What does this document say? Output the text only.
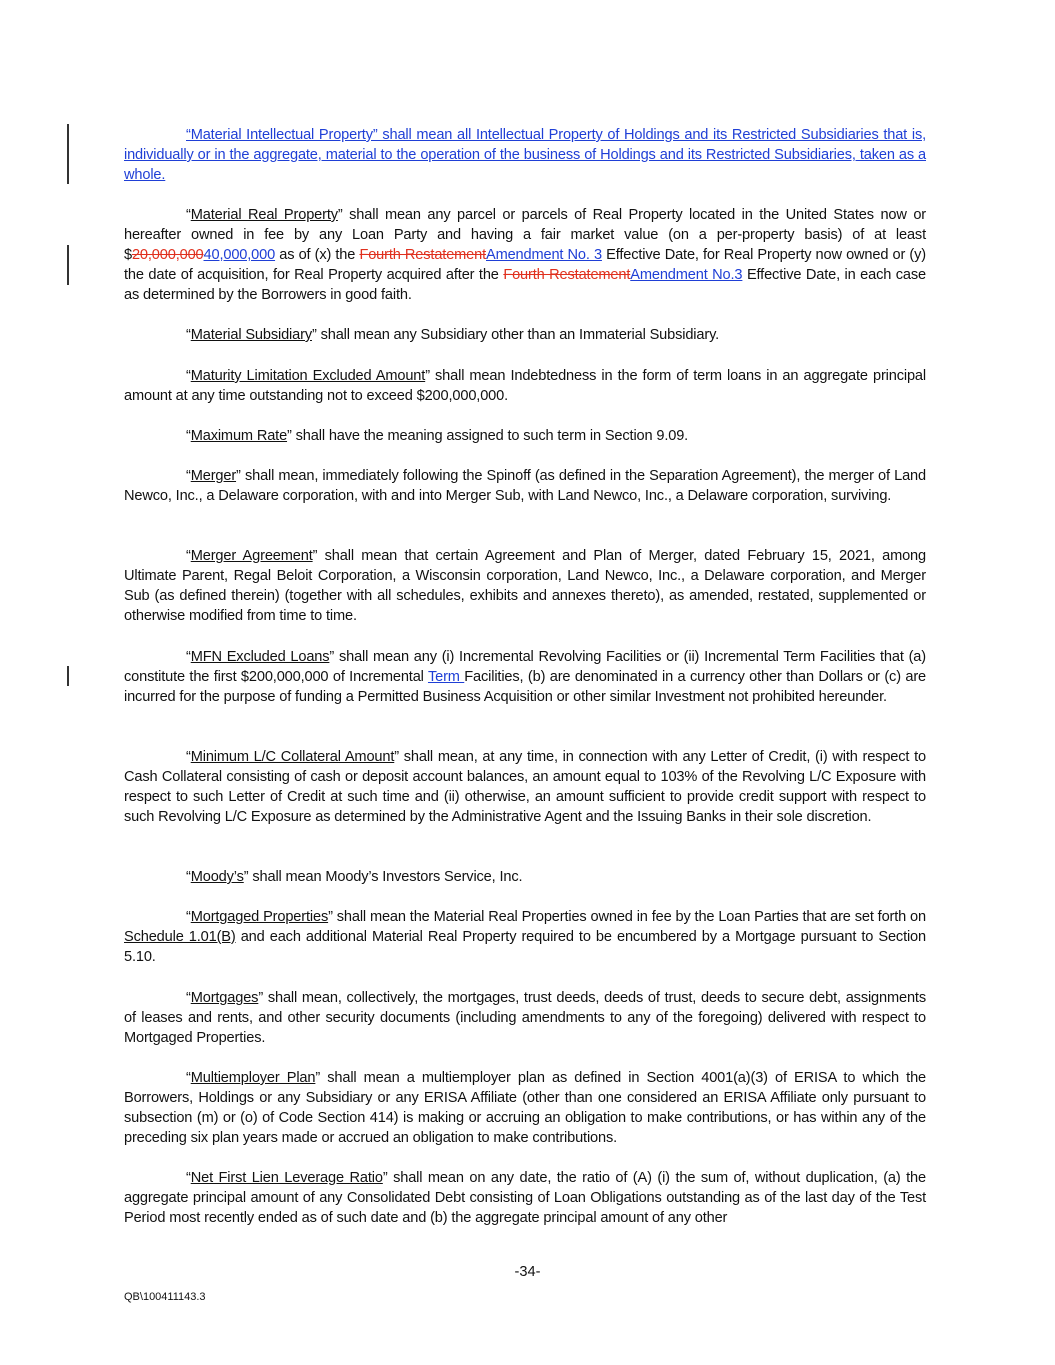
“Material Intellectual Property” shall mean all Intellectual Property of Holdings and its Restricted Subsidiaries that is, individually or in the aggregate, material to the operation of the business of Holdings and its Restricted Subsidiaries, taken as a whole.

“Material Real Property” shall mean any parcel or parcels of Real Property located in the United States now or hereafter owned in fee by any Loan Party and having a fair market value (on a per-property basis) of at least $20,000,00040,000,000 as of (x) the Fourth RestatementAmendment No. 3 Effective Date, for Real Property now owned or (y) the date of acquisition, for Real Property acquired after the Fourth RestatementAmendment No.3 Effective Date, in each case as determined by the Borrowers in good faith.

“Material Subsidiary” shall mean any Subsidiary other than an Immaterial Subsidiary.

“Maturity Limitation Excluded Amount” shall mean Indebtedness in the form of term loans in an aggregate principal amount at any time outstanding not to exceed $200,000,000.

“Maximum Rate” shall have the meaning assigned to such term in Section 9.09.

“Merger” shall mean, immediately following the Spinoff (as defined in the Separation Agreement), the merger of Land Newco, Inc., a Delaware corporation, with and into Merger Sub, with Land Newco, Inc., a Delaware corporation, surviving.

“Merger Agreement” shall mean that certain Agreement and Plan of Merger, dated February 15, 2021, among Ultimate Parent, Regal Beloit Corporation, a Wisconsin corporation, Land Newco, Inc., a Delaware corporation, and Merger Sub (as defined therein) (together with all schedules, exhibits and annexes thereto), as amended, restated, supplemented or otherwise modified from time to time.

“MFN Excluded Loans” shall mean any (i) Incremental Revolving Facilities or (ii) Incremental Term Facilities that (a) constitute the first $200,000,000 of Incremental Term Facilities, (b) are denominated in a currency other than Dollars or (c) are incurred for the purpose of funding a Permitted Business Acquisition or other similar Investment not prohibited hereunder.

“Minimum L/C Collateral Amount” shall mean, at any time, in connection with any Letter of Credit, (i) with respect to Cash Collateral consisting of cash or deposit account balances, an amount equal to 103% of the Revolving L/C Exposure with respect to such Letter of Credit at such time and (ii) otherwise, an amount sufficient to provide credit support with respect to such Revolving L/C Exposure as determined by the Administrative Agent and the Issuing Banks in their sole discretion.

“Moody’s” shall mean Moody’s Investors Service, Inc.

“Mortgaged Properties” shall mean the Material Real Properties owned in fee by the Loan Parties that are set forth on Schedule 1.01(B) and each additional Material Real Property required to be encumbered by a Mortgage pursuant to Section 5.10.

“Mortgages” shall mean, collectively, the mortgages, trust deeds, deeds of trust, deeds to secure debt, assignments of leases and rents, and other security documents (including amendments to any of the foregoing) delivered with respect to Mortgaged Properties.

“Multiemployer Plan” shall mean a multiemployer plan as defined in Section 4001(a)(3) of ERISA to which the Borrowers, Holdings or any Subsidiary or any ERISA Affiliate (other than one considered an ERISA Affiliate only pursuant to subsection (m) or (o) of Code Section 414) is making or accruing an obligation to make contributions, or has within any of the preceding six plan years made or accrued an obligation to make contributions.

“Net First Lien Leverage Ratio” shall mean on any date, the ratio of (A) (i) the sum of, without duplication, (a) the aggregate principal amount of any Consolidated Debt consisting of Loan Obligations outstanding as of the last day of the Test Period most recently ended as of such date and (b) the aggregate principal amount of any other

-34-
QB\100411143.3
